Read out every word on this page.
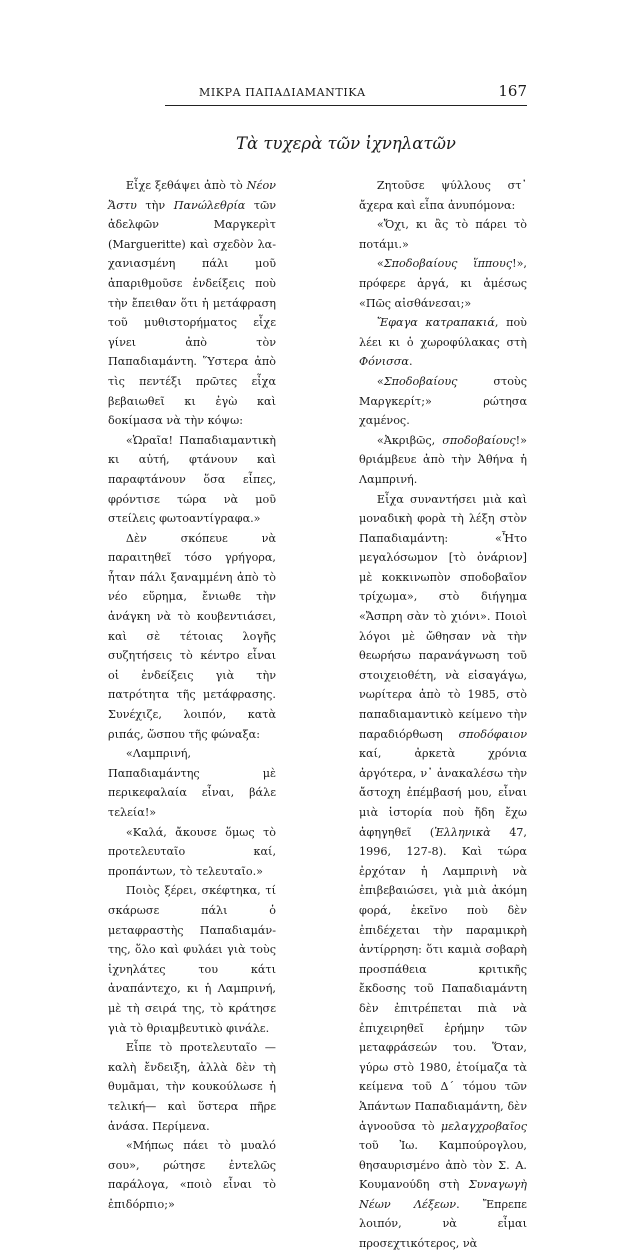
ΜΙΚΡΑ ΠΑΠΑΔΙΑΜΑΝΤΙΚΑ	167
Τὰ τυχερὰ τῶν ἰχνηλατῶν

Εἶχε ξεθάψει ἀπὸ τὸ Νέον Ἄστυ τὴν Πανώλεθρία τῶν ἀδελφῶν Μαργκερὶτ (Margueritte) καὶ σχεδὸν λαχανιασμένη πάλι μοῦ ἀπαριθμοῦσε ἐνδείξεις ποὺ τὴν ἔπειθαν ὅτι ἡ μετάφραση τοῦ μυθιστορήματος εἶχε γίνει ἀπὸ τὸν Παπαδιαμάντη. Ὕστερα ἀπὸ τὶς πεντέξι πρῶτες εἶχα βεβαιωθεῖ κι ἐγὼ καὶ δοκίμασα νὰ τὴν κόψω:

«Ὡραῖα! Παπαδιαμαντικὴ κι αὐτή, φτάνουν καὶ παραφτάνουν ὅσα εἶπες, φρόντισε τώρα νὰ μοῦ στείλεις φωτοαντίγραφα.»

Δὲν σκόπευε νὰ παραιτηθεῖ τόσο γρήγορα, ἦταν πάλι ξαναμμένη ἀπὸ τὸ νέο εὕρημα, ἔνιωθε τὴν ἀνάγκη νὰ τὸ κουβεντιάσει, καὶ σὲ τέτοιας λογῆς συζητήσεις τὸ κέντρο εἶναι οἱ ἐνδείξεις γιὰ τὴν πατρότητα τῆς μετάφρασης. Συνέχιζε, λοιπόν, κατὰ ριπάς, ὥσπου τῆς φώναξα:

«Λαμπρινή, Παπαδιαμάντης μὲ περικεφαλαία εἶναι, βάλε τελεία!»

«Καλά, ἄκουσε ὅμως τὸ προτελευταῖο καί, προπάντων, τὸ τελευταῖο.»

Ποιὸς ξέρει, σκέφτηκα, τί σκάρωσε πάλι ὁ μεταφραστὴς Παπαδιαμάντης, ὅλο καὶ φυλάει γιὰ τοὺς ἰχνηλάτες του κάτι ἀναπάντεχο, κι ἡ Λαμπρινή, μὲ τὴ σειρά της, τὸ κράτησε γιὰ τὸ θριαμβευτικὸ φινάλε.

Εἶπε τὸ προτελευταῖο —καλὴ ἔνδειξη, ἀλλὰ δὲν τὴ θυμᾶμαι, τὴν κουκούλωσε ἡ τελική— καὶ ὕστερα πῆρε ἀνάσα. Περίμενα.

«Μήπως πάει τὸ μυαλό σου», ρώτησε ἐντελῶς παράλογα, «ποιὸ εἶναι τὸ ἐπιδόρπιο;»

Ζητοῦσε ψύλλους στ᾿ ἄχερα καὶ εἶπα ἀνυπόμονα:

«Ὄχι, κι ἂς τὸ πάρει τὸ ποτάμι.»

«Σποδοβαίους ἵππους!», πρόφερε ἀργά, κι ἀμέσως «Πῶς αἰσθάνεσαι;»

Ἔφαγα κατραπακιά, ποὺ λέει κι ὁ χωροφύλακας στὴ Φόνισσα.

«Σποδοβαίους στοὺς Μαργκερίτ;» ρώτησα χαμένος.

«Ἀκριβῶς, σποδοβαίους!» θριάμβευε ἀπὸ τὴν Ἀθήνα ἡ Λαμπρινή.

Εἶχα συναντήσει μιὰ καὶ μοναδικὴ φορὰ τὴ λέξη στὸν Παπαδιαμάντη: «Ἦτο μεγαλόσωμον [τὸ ὀνάριον] μὲ κοκκινωπὸν σποδοβαῖον τρίχωμα», στὸ διήγημα «Ἄσπρη σὰν τὸ χιόνι». Ποιοὶ λόγοι μὲ ὤθησαν νὰ τὴν θεωρήσω παρανάγνωση τοῦ στοιχειοθέτη, νὰ εἰσαγάγω, νωρίτερα ἀπὸ τὸ 1985, στὸ παπαδιαμαντικὸ κείμενο τὴν παραδιόρθωση σποδόφαιον καί, ἀρκετὰ χρόνια ἀργότερα, ν᾿ ἀνακαλέσω τὴν ἄστοχη ἐπέμβασή μου, εἶναι μιὰ ἱστορία ποὺ ἤδη ἔχω ἀφηγηθεῖ (Ἐλληνικὰ 47, 1996, 127-8). Καὶ τώρα ἐρχόταν ἡ Λαμπρινὴ νὰ ἐπιβεβαιώσει, γιὰ μιὰ ἀκόμη φορά, ἐκεῖνο ποὺ δὲν ἐπιδέχεται τὴν παραμικρὴ ἀντίρρηση: ὅτι καμιὰ σοβαρὴ προσπάθεια κριτικῆς ἔκδοσης τοῦ Παπαδιαμάντη δὲν ἐπιτρέπεται πιὰ νὰ ἐπιχειρηθεῖ ἐρήμην τῶν μεταφράσεών του. Ὅταν, γύρω στὸ 1980, ἑτοίμαζα τὰ κείμενα τοῦ Δ´ τόμου τῶν Ἁπάντων Παπαδιαμάντη, δὲν ἀγνοοῦσα τὸ μελαγχροβαῖος τοῦ Ἰω. Καμπούρογλου, θησαυρισμένο ἀπὸ τὸν Σ. Α. Κουμανούδη στὴ Συναγωγὴ Νέων Λέξεων. Ἔπρεπε λοιπόν, νὰ εἶμαι προσεχτικότερος, νὰ
